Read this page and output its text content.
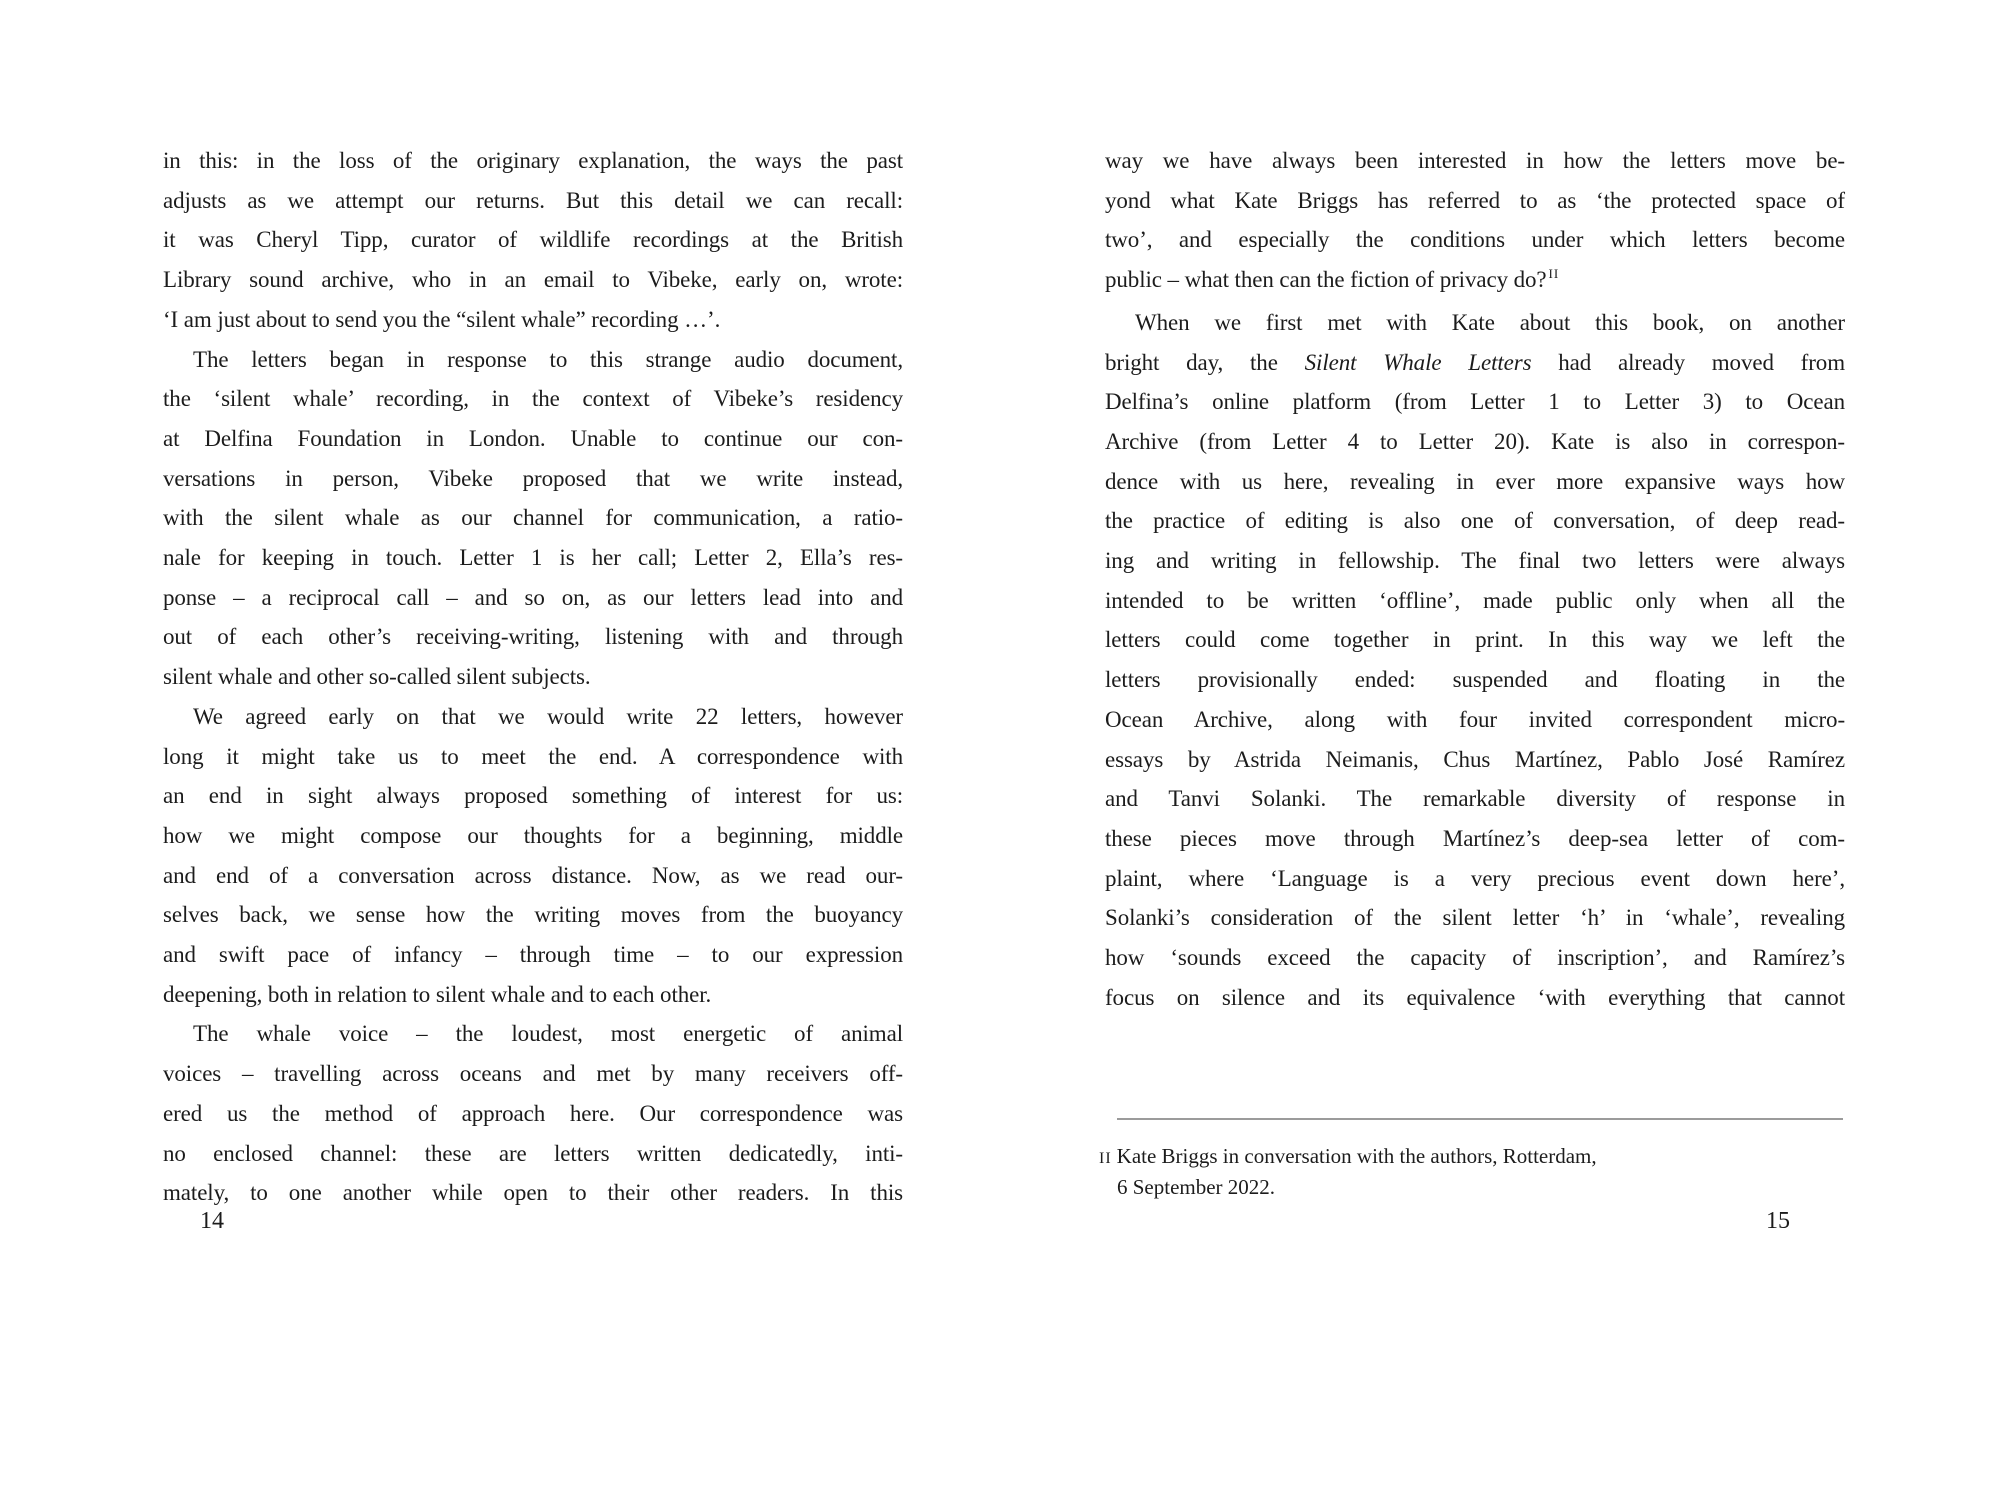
in this: in the loss of the originary explanation, the ways the past
adjusts as we attempt our returns. But this detail we can recall:
it was Cheryl Tipp, curator of wildlife recordings at the British
Library sound archive, who in an email to Vibeke, early on, wrote:
‘I am just about to send you the “silent whale” recording …’.
The letters began in response to this strange audio document,
the ‘silent whale’ recording, in the context of Vibeke’s residency
at Delfina Foundation in London. Unable to continue our con-
versations in person, Vibeke proposed that we write instead,
with the silent whale as our channel for communication, a ratio-
nale for keeping in touch. Letter 1 is her call; Letter 2, Ella’s res-
ponse – a reciprocal call – and so on, as our letters lead into and
out of each other’s receiving-writing, listening with and through
silent whale and other so-called silent subjects.
We agreed early on that we would write 22 letters, however
long it might take us to meet the end. A correspondence with
an end in sight always proposed something of interest for us:
how we might compose our thoughts for a beginning, middle
and end of a conversation across distance. Now, as we read our-
selves back, we sense how the writing moves from the buoyancy
and swift pace of infancy – through time – to our expression
deepening, both in relation to silent whale and to each other.
The whale voice – the loudest, most energetic of animal
voices – travelling across oceans and met by many receivers off-
ered us the method of approach here. Our correspondence was
no enclosed channel: these are letters written dedicatedly, inti-
mately, to one another while open to their other readers. In this
way we have always been interested in how the letters move be-
yond what Kate Briggs has referred to as ‘the protected space of
two’, and especially the conditions under which letters become
public – what then can the fiction of privacy do? $^{II}$
When we first met with Kate about this book, on another
bright day, the Silent Whale Letters had already moved from
Delfina’s online platform (from Letter 1 to Letter 3) to Ocean
Archive (from Letter 4 to Letter 20). Kate is also in correspon-
dence with us here, revealing in ever more expansive ways how
the practice of editing is also one of conversation, of deep read-
ing and writing in fellowship. The final two letters were always
intended to be written ‘offline’, made public only when all the
letters could come together in print. In this way we left the
letters provisionally ended: suspended and floating in the
Ocean Archive, along with four invited correspondent micro-
essays by Astrida Neimanis, Chus Martínez, Pablo José Ramírez
and Tanvi Solanki. The remarkable diversity of response in
these pieces move through Martínez’s deep-sea letter of com-
plaint, where ‘Language is a very precious event down here’,
Solanki’s consideration of the silent letter ‘h’ in ‘whale’, revealing
how ‘sounds exceed the capacity of inscription’, and Ramírez’s
focus on silence and its equivalence ‘with everything that cannot
II Kate Briggs in conversation with the authors, Rotterdam,
6 September 2022.
14	15
